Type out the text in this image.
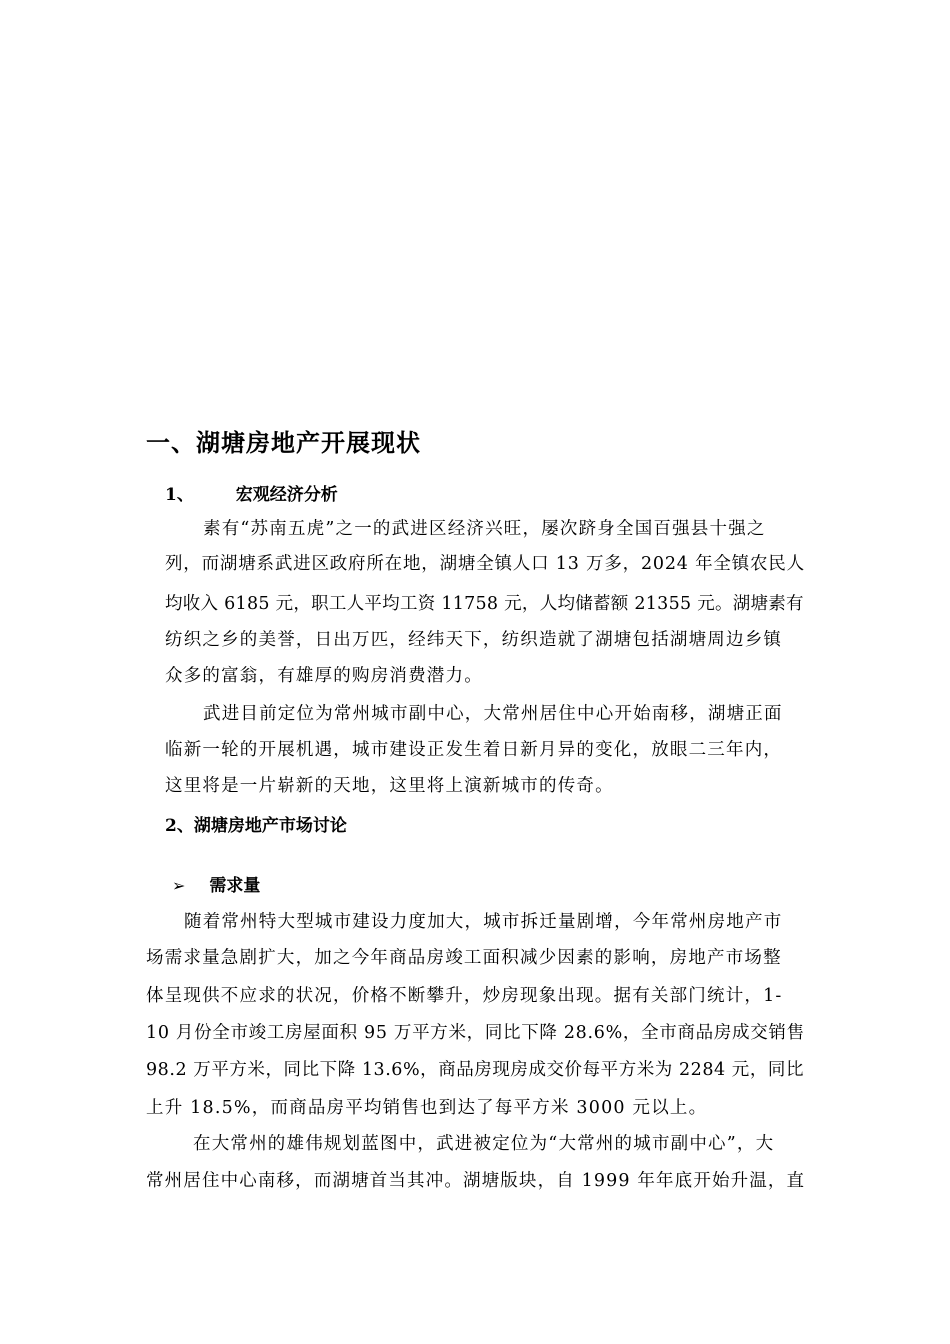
一、湖塘房地产开展现状
1、 宏观经济分析
素有“苏南五虎”之一的武进区经济兴旺，屡次跻身全国百强县十强之
列，而湖塘系武进区政府所在地，湖塘全镇人口 13 万多，2024 年全镇农民人
均收入 6185 元，职工人平均工资 11758 元，人均储蓄额 21355 元。湖塘素有
纺织之乡的美誉，日出万匹，经纬天下，纺织造就了湖塘包括湖塘周边乡镇
众多的富翁，有雄厚的购房消费潜力。
武进目前定位为常州城市副中心，大常州居住中心开始南移，湖塘正面
临新一轮的开展机遇，城市建设正发生着日新月异的变化，放眼二三年内，
这里将是一片崭新的天地，这里将上演新城市的传奇。
2、湖塘房地产市场讨论
➢ 需求量
随着常州特大型城市建设力度加大，城市拆迁量剧增，今年常州房地产市
场需求量急剧扩大，加之今年商品房竣工面积减少因素的影响，房地产市场整
体呈现供不应求的状况，价格不断攀升，炒房现象出现。据有关部门统计，1-
10 月份全市竣工房屋面积 95 万平方米，同比下降 28.6%，全市商品房成交销售
98.2 万平方米，同比下降 13.6%，商品房现房成交价每平方米为 2284 元，同比
上升 18.5%，而商品房平均销售也到达了每平方米 3000 元以上。
在大常州的雄伟规划蓝图中，武进被定位为“大常州的城市副中心”，大
常州居住中心南移，而湖塘首当其冲。湖塘版块，自 1999 年年底开始升温，直
